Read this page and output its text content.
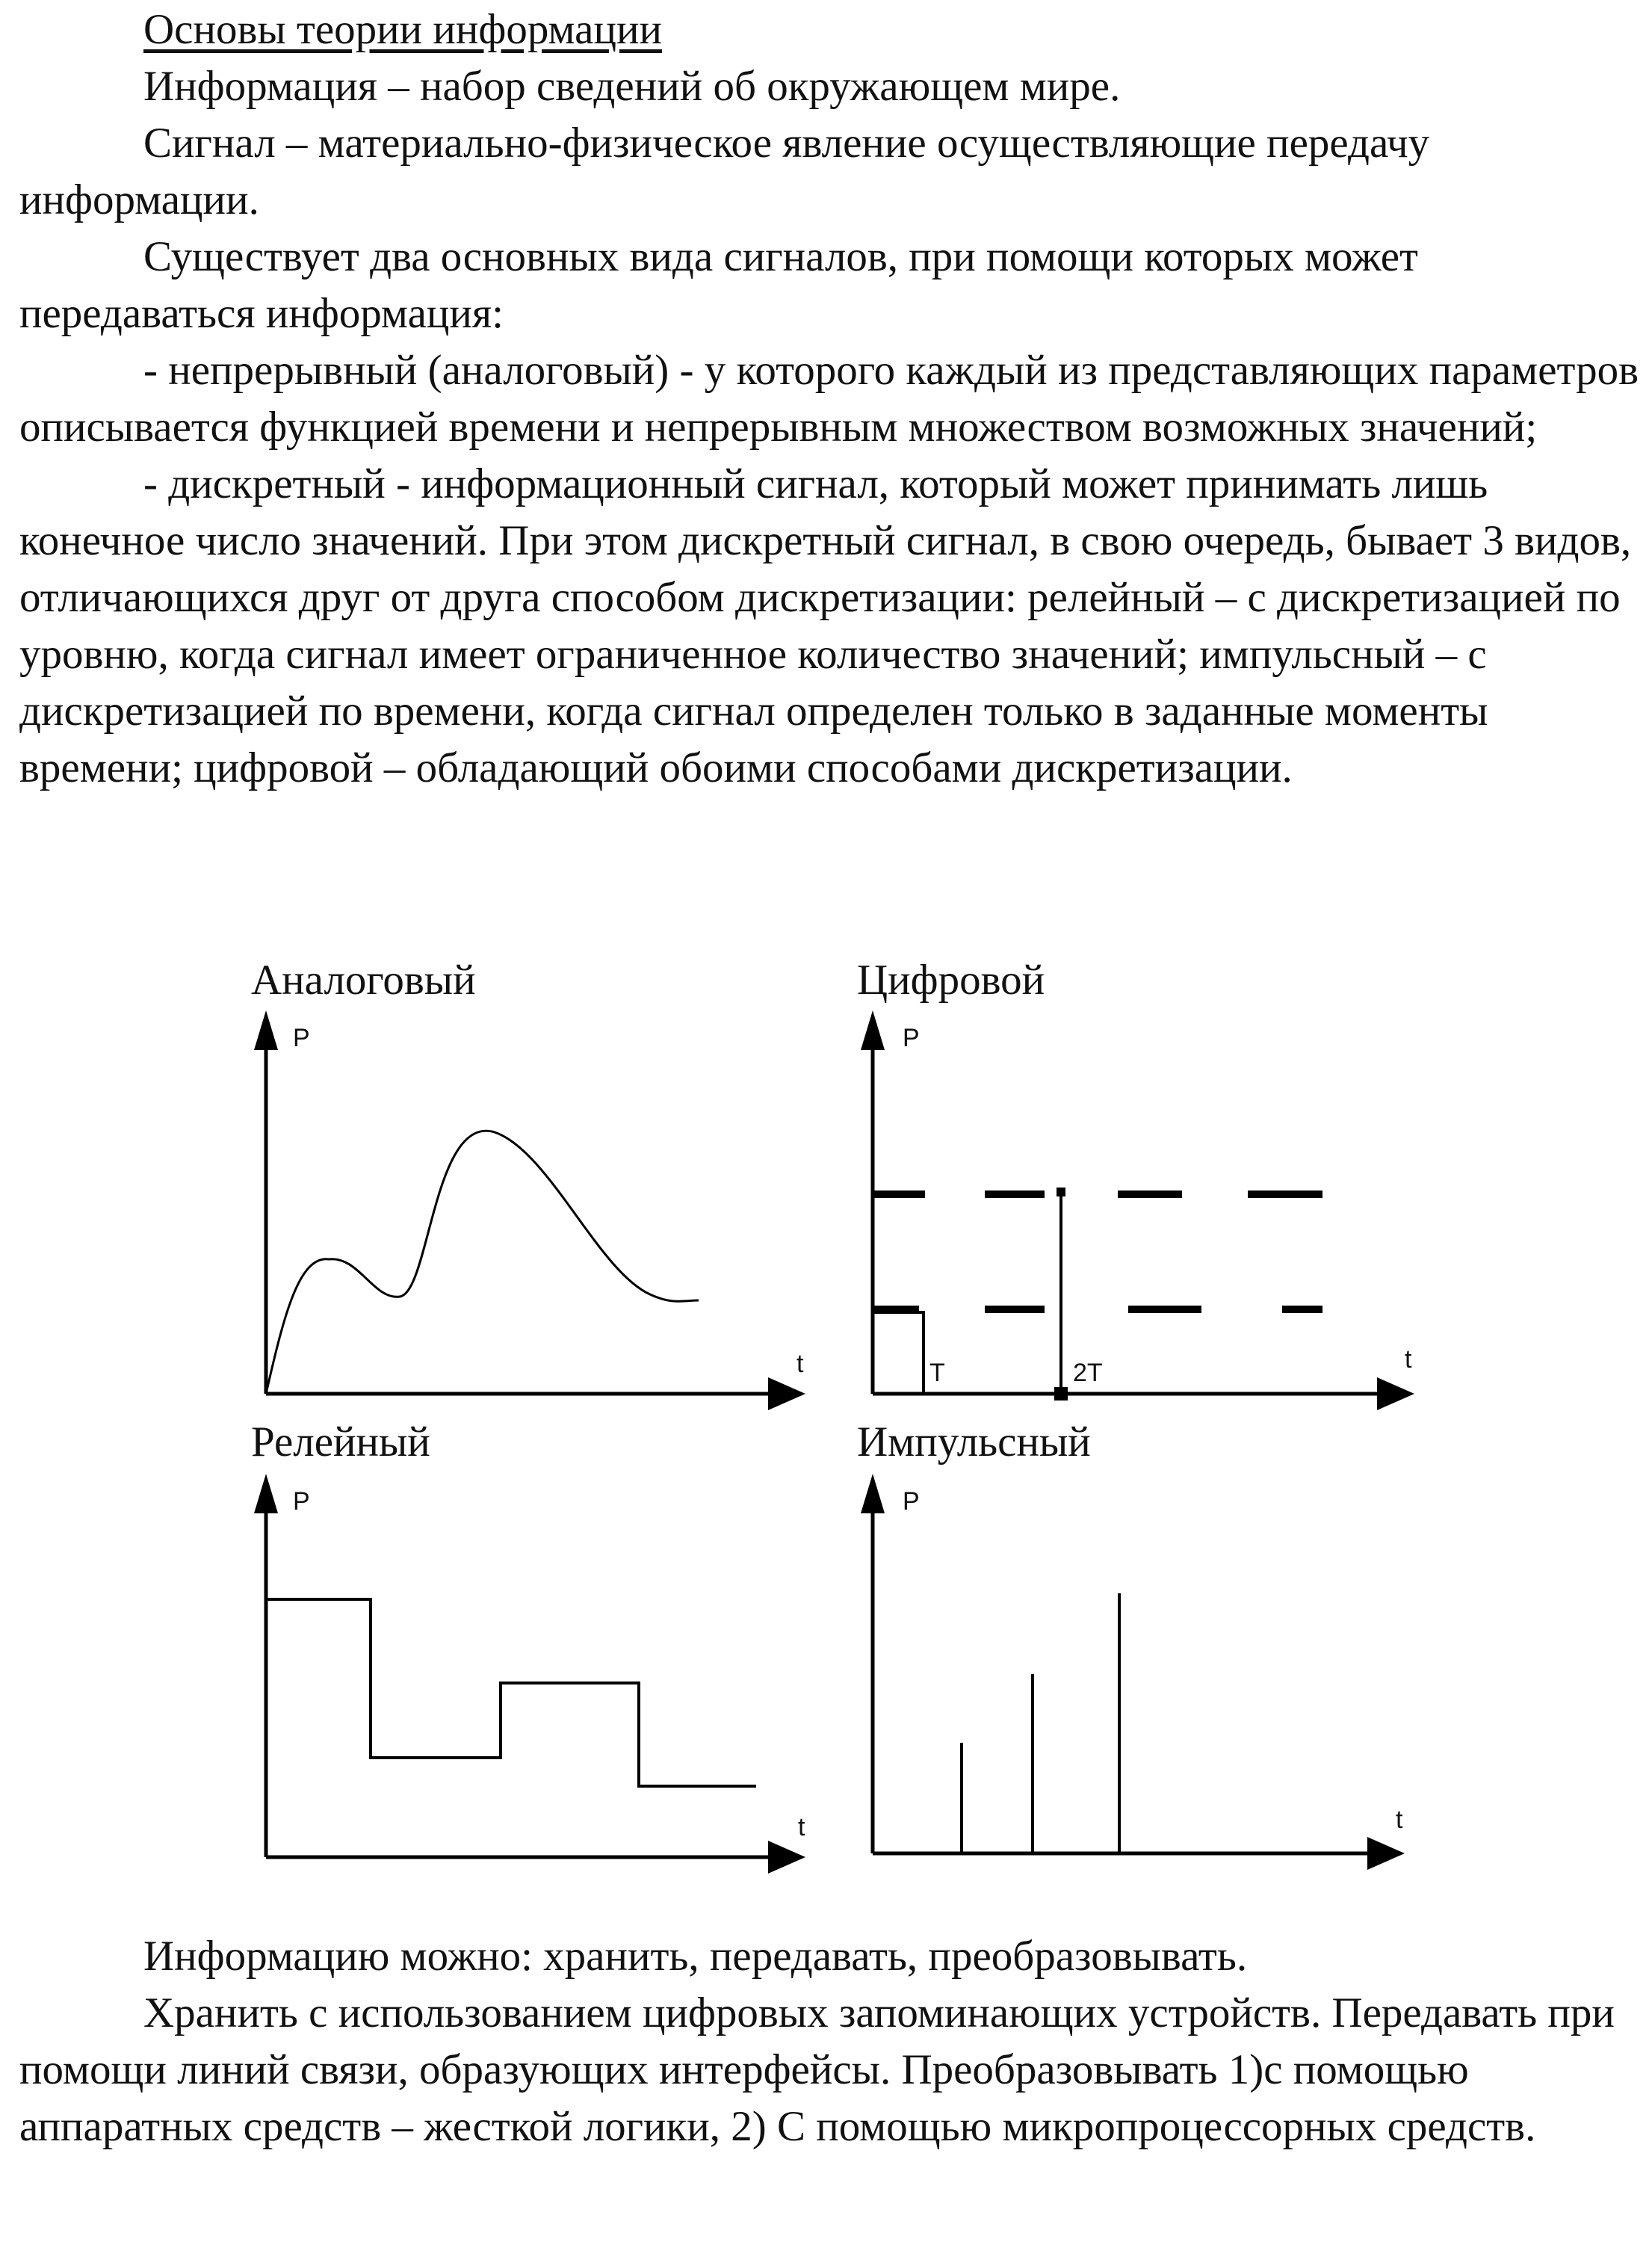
Основы теории информации

Информация – набор сведений об окружающем мире.

Сигнал – материально-физическое явление осуществляющие передачу информации.

Существует два основных вида сигналов, при помощи которых может передаваться информация:

- непрерывный (аналоговый) - у которого каждый из представляющих параметров описывается функцией времени и непрерывным множеством возможных значений;

- дискретный - информационный сигнал, который может принимать лишь конечное число значений. При этом дискретный сигнал, в свою очередь, бывает 3 видов, отличающихся друг от друга способом дискретизации: релейный – с дискретизацией по уровню, когда сигнал имеет ограниченное количество значений; импульсный – с дискретизацией по времени, когда сигнал определен только в заданные моменты времени; цифровой – обладающий обоими способами дискретизации.

Аналоговый
P
t
Цифровой
P
t
T	2T
Релейный
P
t
Импульсный
P
t

Информацию можно: хранить, передавать, преобразовывать.

Хранить с использованием цифровых запоминающих устройств. Передавать при помощи линий связи, образующих интерфейсы. Преобразовывать 1)с помощью аппаратных средств – жесткой логики, 2) С помощью микропроцессорных средств.
